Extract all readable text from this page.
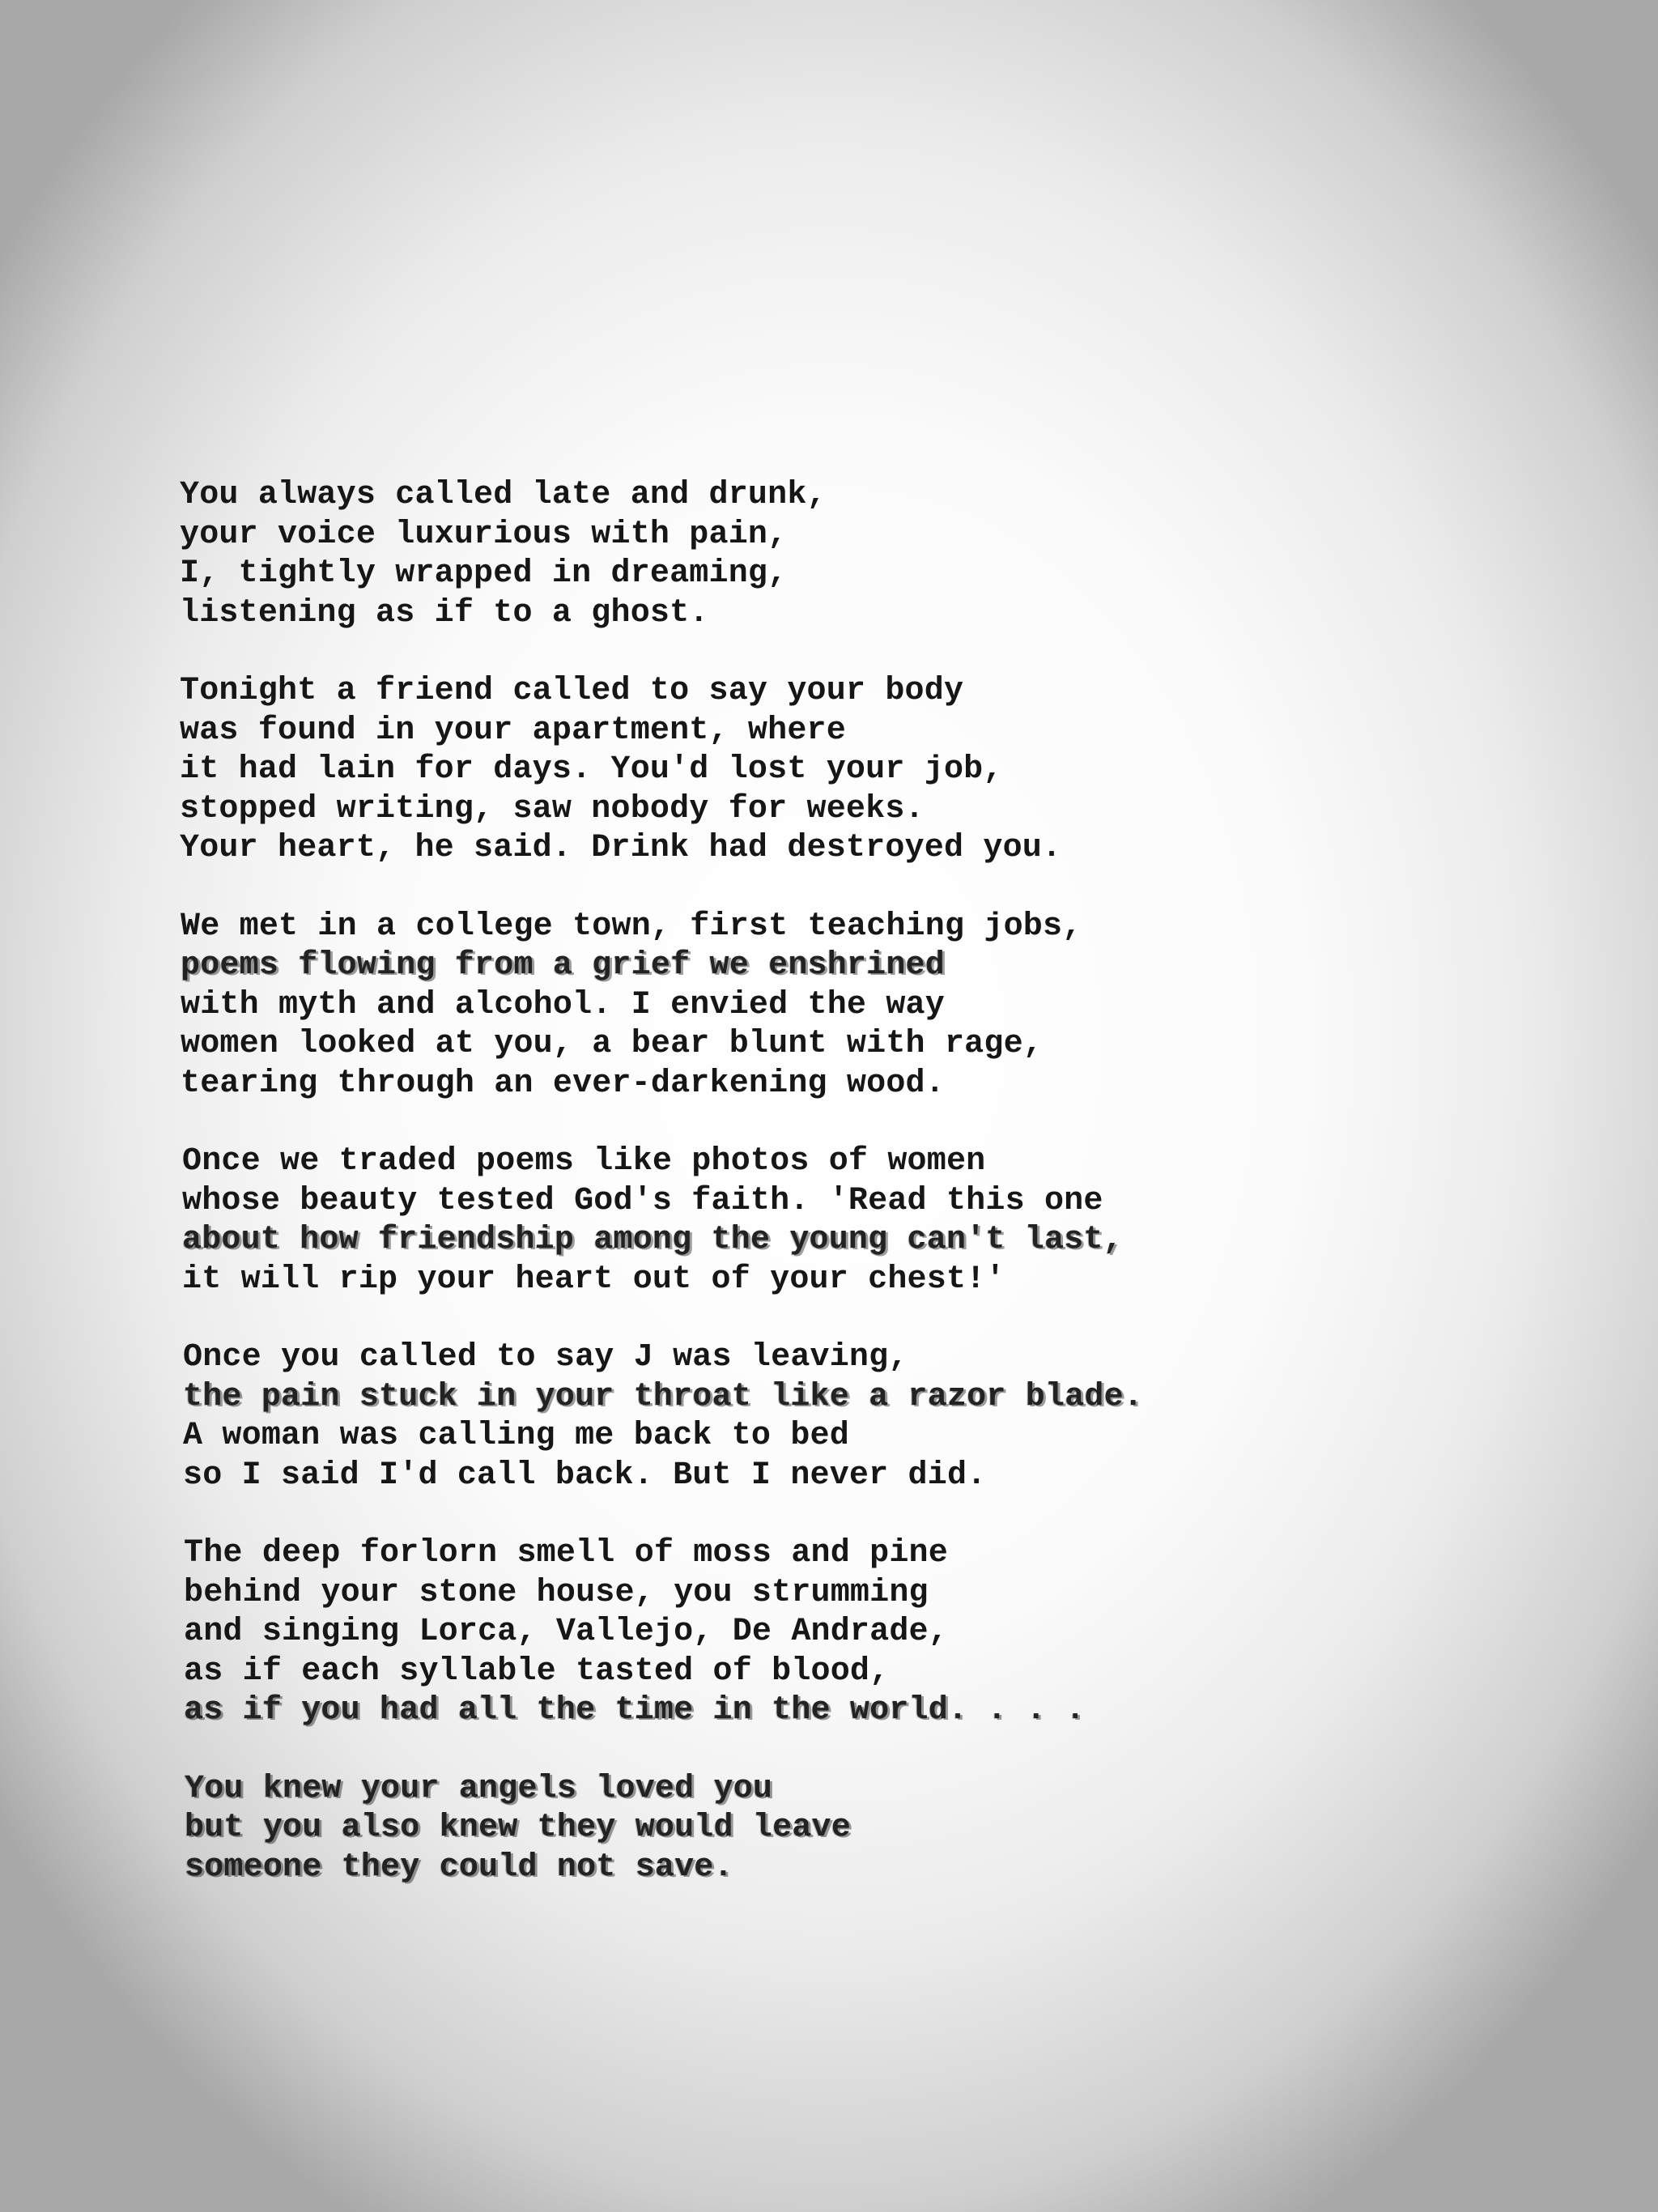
You always called late and drunk,
your voice luxurious with pain,
I, tightly wrapped in dreaming,
listening as if to a ghost.
Tonight a friend called to say your body
was found in your apartment, where
it had lain for days. You'd lost your job,
stopped writing, saw nobody for weeks.
Your heart, he said. Drink had destroyed you.
We met in a college town, first teaching jobs,
poems flowing from a grief we enshrined
with myth and alcohol. I envied the way
women looked at you, a bear blunt with rage,
tearing through an ever-darkening wood.
Once we traded poems like photos of women
whose beauty tested God's faith. 'Read this one
about how friendship among the young can't last,
it will rip your heart out of your chest!'
Once you called to say J was leaving,
the pain stuck in your throat like a razor blade.
A woman was calling me back to bed
so I said I'd call back. But I never did.
The deep forlorn smell of moss and pine
behind your stone house, you strumming
and singing Lorca, Vallejo, De Andrade,
as if each syllable tasted of blood,
as if you had all the time in the world. . . .
You knew your angels loved you
but you also knew they would leave
someone they could not save.
